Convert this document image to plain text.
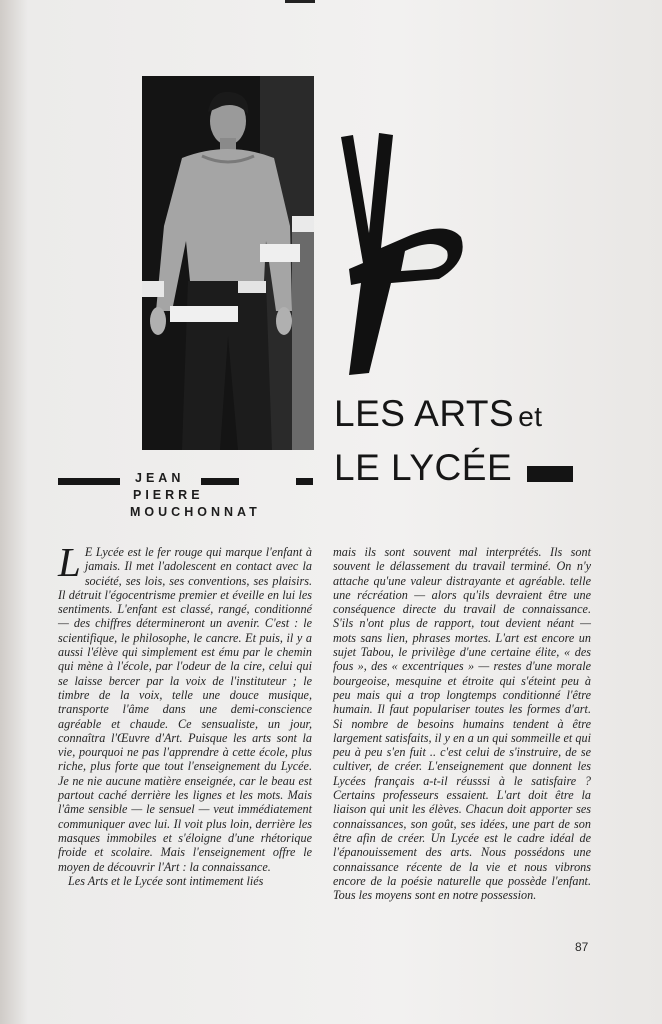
LES ARTS et
LE LYCÉE
JEAN
PIERRE
MOUCHONNAT

L E Lycée est le fer rouge qui marque l'enfant à jamais. Il met l'adolescent en contact avec la société, ses lois, ses conventions, ses plaisirs. Il détruit l'égocentrisme premier et éveille en lui les sentiments. L'enfant est classé, rangé, conditionné — des chiffres détermineront un avenir. C'est : le scientifique, le philosophe, le cancre. Et puis, il y a aussi l'élève qui simplement est ému par le chemin qui mène à l'école, par l'odeur de la cire, celui qui se laisse bercer par la voix de l'instituteur ; le timbre de la voix, telle une douce musique, transporte l'âme dans une demi-conscience agréable et chaude. Ce sensualiste, un jour, connaîtra l'Œuvre d'Art. Puisque les arts sont la vie, pourquoi ne pas l'apprendre à cette école, plus riche, plus forte que tout l'enseignement du Lycée. Je ne nie aucune matière enseignée, car le beau est partout caché derrière les lignes et les mots. Mais l'âme sensible — le sensuel — veut immédiatement communiquer avec lui. Il voit plus loin, derrière les masques immobiles et s'éloigne d'une rhétorique froide et scolaire. Mais l'enseignement offre le moyen de découvrir l'Art : la connaissance.

Les Arts et le Lycée sont intimement liés

mais ils sont souvent mal interprétés. Ils sont souvent le délassement du travail terminé. On n'y attache qu'une valeur distrayante et agréable. telle une récréation — alors qu'ils devraient être une conséquence directe du travail de connaissance. S'ils n'ont plus de rapport, tout devient néant — mots sans lien, phrases mortes. L'art est encore un sujet Tabou, le privilège d'une certaine élite, « des fous », des « excentriques » — restes d'une morale bourgeoise, mesquine et étroite qui s'éteint peu à peu mais qui a trop longtemps conditionné l'être humain. Il faut populariser toutes les formes d'art. Si nombre de besoins humains tendent à être largement satisfaits, il y en a un qui sommeille et qui peu à peu s'en fuit .. c'est celui de s'instruire, de se cultiver, de créer. L'enseignement que donnent les Lycées français a-t-il réusssi à le satisfaire ? Certains professeurs essaient. L'art doit être la liaison qui unit les élèves. Chacun doit apporter ses connaissances, son goût, ses idées, une part de son être afin de créer. Un Lycée est le cadre idéal de l'épanouissement des arts. Nous possédons une connaissance récente de la vie et nous vibrons encore de la poésie naturelle que possède l'enfant. Tous les moyens sont en notre possession.

87
